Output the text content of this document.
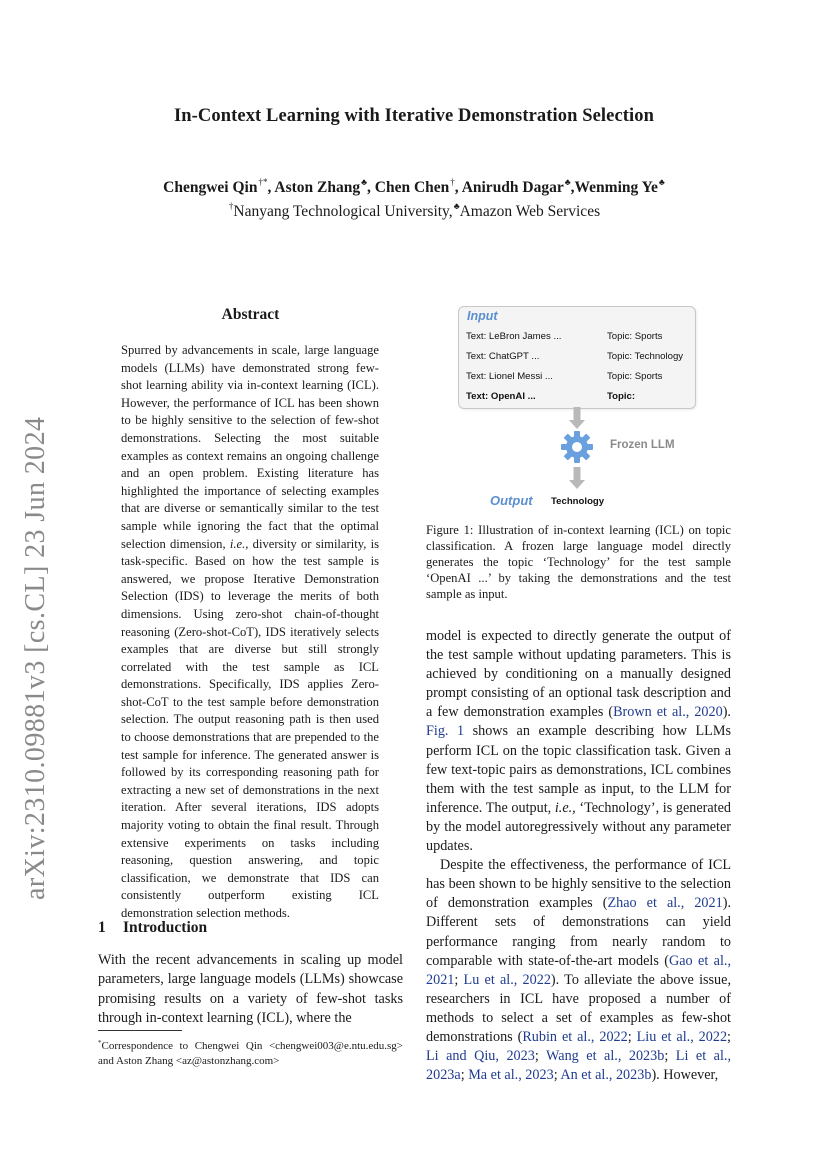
arXiv:2310.09881v3 [cs.CL] 23 Jun 2024
In-Context Learning with Iterative Demonstration Selection
Chengwei Qin†*, Aston Zhang♣, Chen Chen†, Anirudh Dagar♣,Wenming Ye♣
†Nanyang Technological University,♣Amazon Web Services
Abstract
Spurred by advancements in scale, large language models (LLMs) have demonstrated strong few-shot learning ability via in-context learning (ICL). However, the performance of ICL has been shown to be highly sensitive to the selection of few-shot demonstrations. Selecting the most suitable examples as context remains an ongoing challenge and an open problem. Existing literature has highlighted the importance of selecting examples that are diverse or semantically similar to the test sample while ignoring the fact that the optimal selection dimension, i.e., diversity or similarity, is task-specific. Based on how the test sample is answered, we propose Iterative Demonstration Selection (IDS) to leverage the merits of both dimensions. Using zero-shot chain-of-thought reasoning (Zero-shot-CoT), IDS iteratively selects examples that are diverse but still strongly correlated with the test sample as ICL demonstrations. Specifically, IDS applies Zero-shot-CoT to the test sample before demonstration selection. The output reasoning path is then used to choose demonstrations that are prepended to the test sample for inference. The generated answer is followed by its corresponding reasoning path for extracting a new set of demonstrations in the next iteration. After several iterations, IDS adopts majority voting to obtain the final result. Through extensive experiments on tasks including reasoning, question answering, and topic classification, we demonstrate that IDS can consistently outperform existing ICL demonstration selection methods.
1 Introduction
With the recent advancements in scaling up model parameters, large language models (LLMs) showcase promising results on a variety of few-shot tasks through in-context learning (ICL), where the
*Correspondence to Chengwei Qin <chengwei003@e.ntu.edu.sg> and Aston Zhang <az@astonzhang.com>
Input
Text: LeBron James ...	Topic: Sports
Text: ChatGPT ...	Topic: Technology
Text: Lionel Messi ...	Topic: Sports
Text: OpenAI ...	Topic:
Frozen LLM
Output Technology
Figure 1: Illustration of in-context learning (ICL) on topic classification. A frozen large language model directly generates the topic ‘Technology’ for the test sample ‘OpenAI ...’ by taking the demonstrations and the test sample as input.

model is expected to directly generate the output of the test sample without updating parameters. This is achieved by conditioning on a manually designed prompt consisting of an optional task description and a few demonstration examples (Brown et al., 2020). Fig. 1 shows an example describing how LLMs perform ICL on the topic classification task. Given a few text-topic pairs as demonstrations, ICL combines them with the test sample as input, to the LLM for inference. The output, i.e., ‘Technology’, is generated by the model autoregressively without any parameter updates.

Despite the effectiveness, the performance of ICL has been shown to be highly sensitive to the selection of demonstration examples (Zhao et al., 2021). Different sets of demonstrations can yield performance ranging from nearly random to comparable with state-of-the-art models (Gao et al., 2021; Lu et al., 2022). To alleviate the above issue, researchers in ICL have proposed a number of methods to select a set of examples as few-shot demonstrations (Rubin et al., 2022; Liu et al., 2022; Li and Qiu, 2023; Wang et al., 2023b; Li et al., 2023a; Ma et al., 2023; An et al., 2023b). However,
